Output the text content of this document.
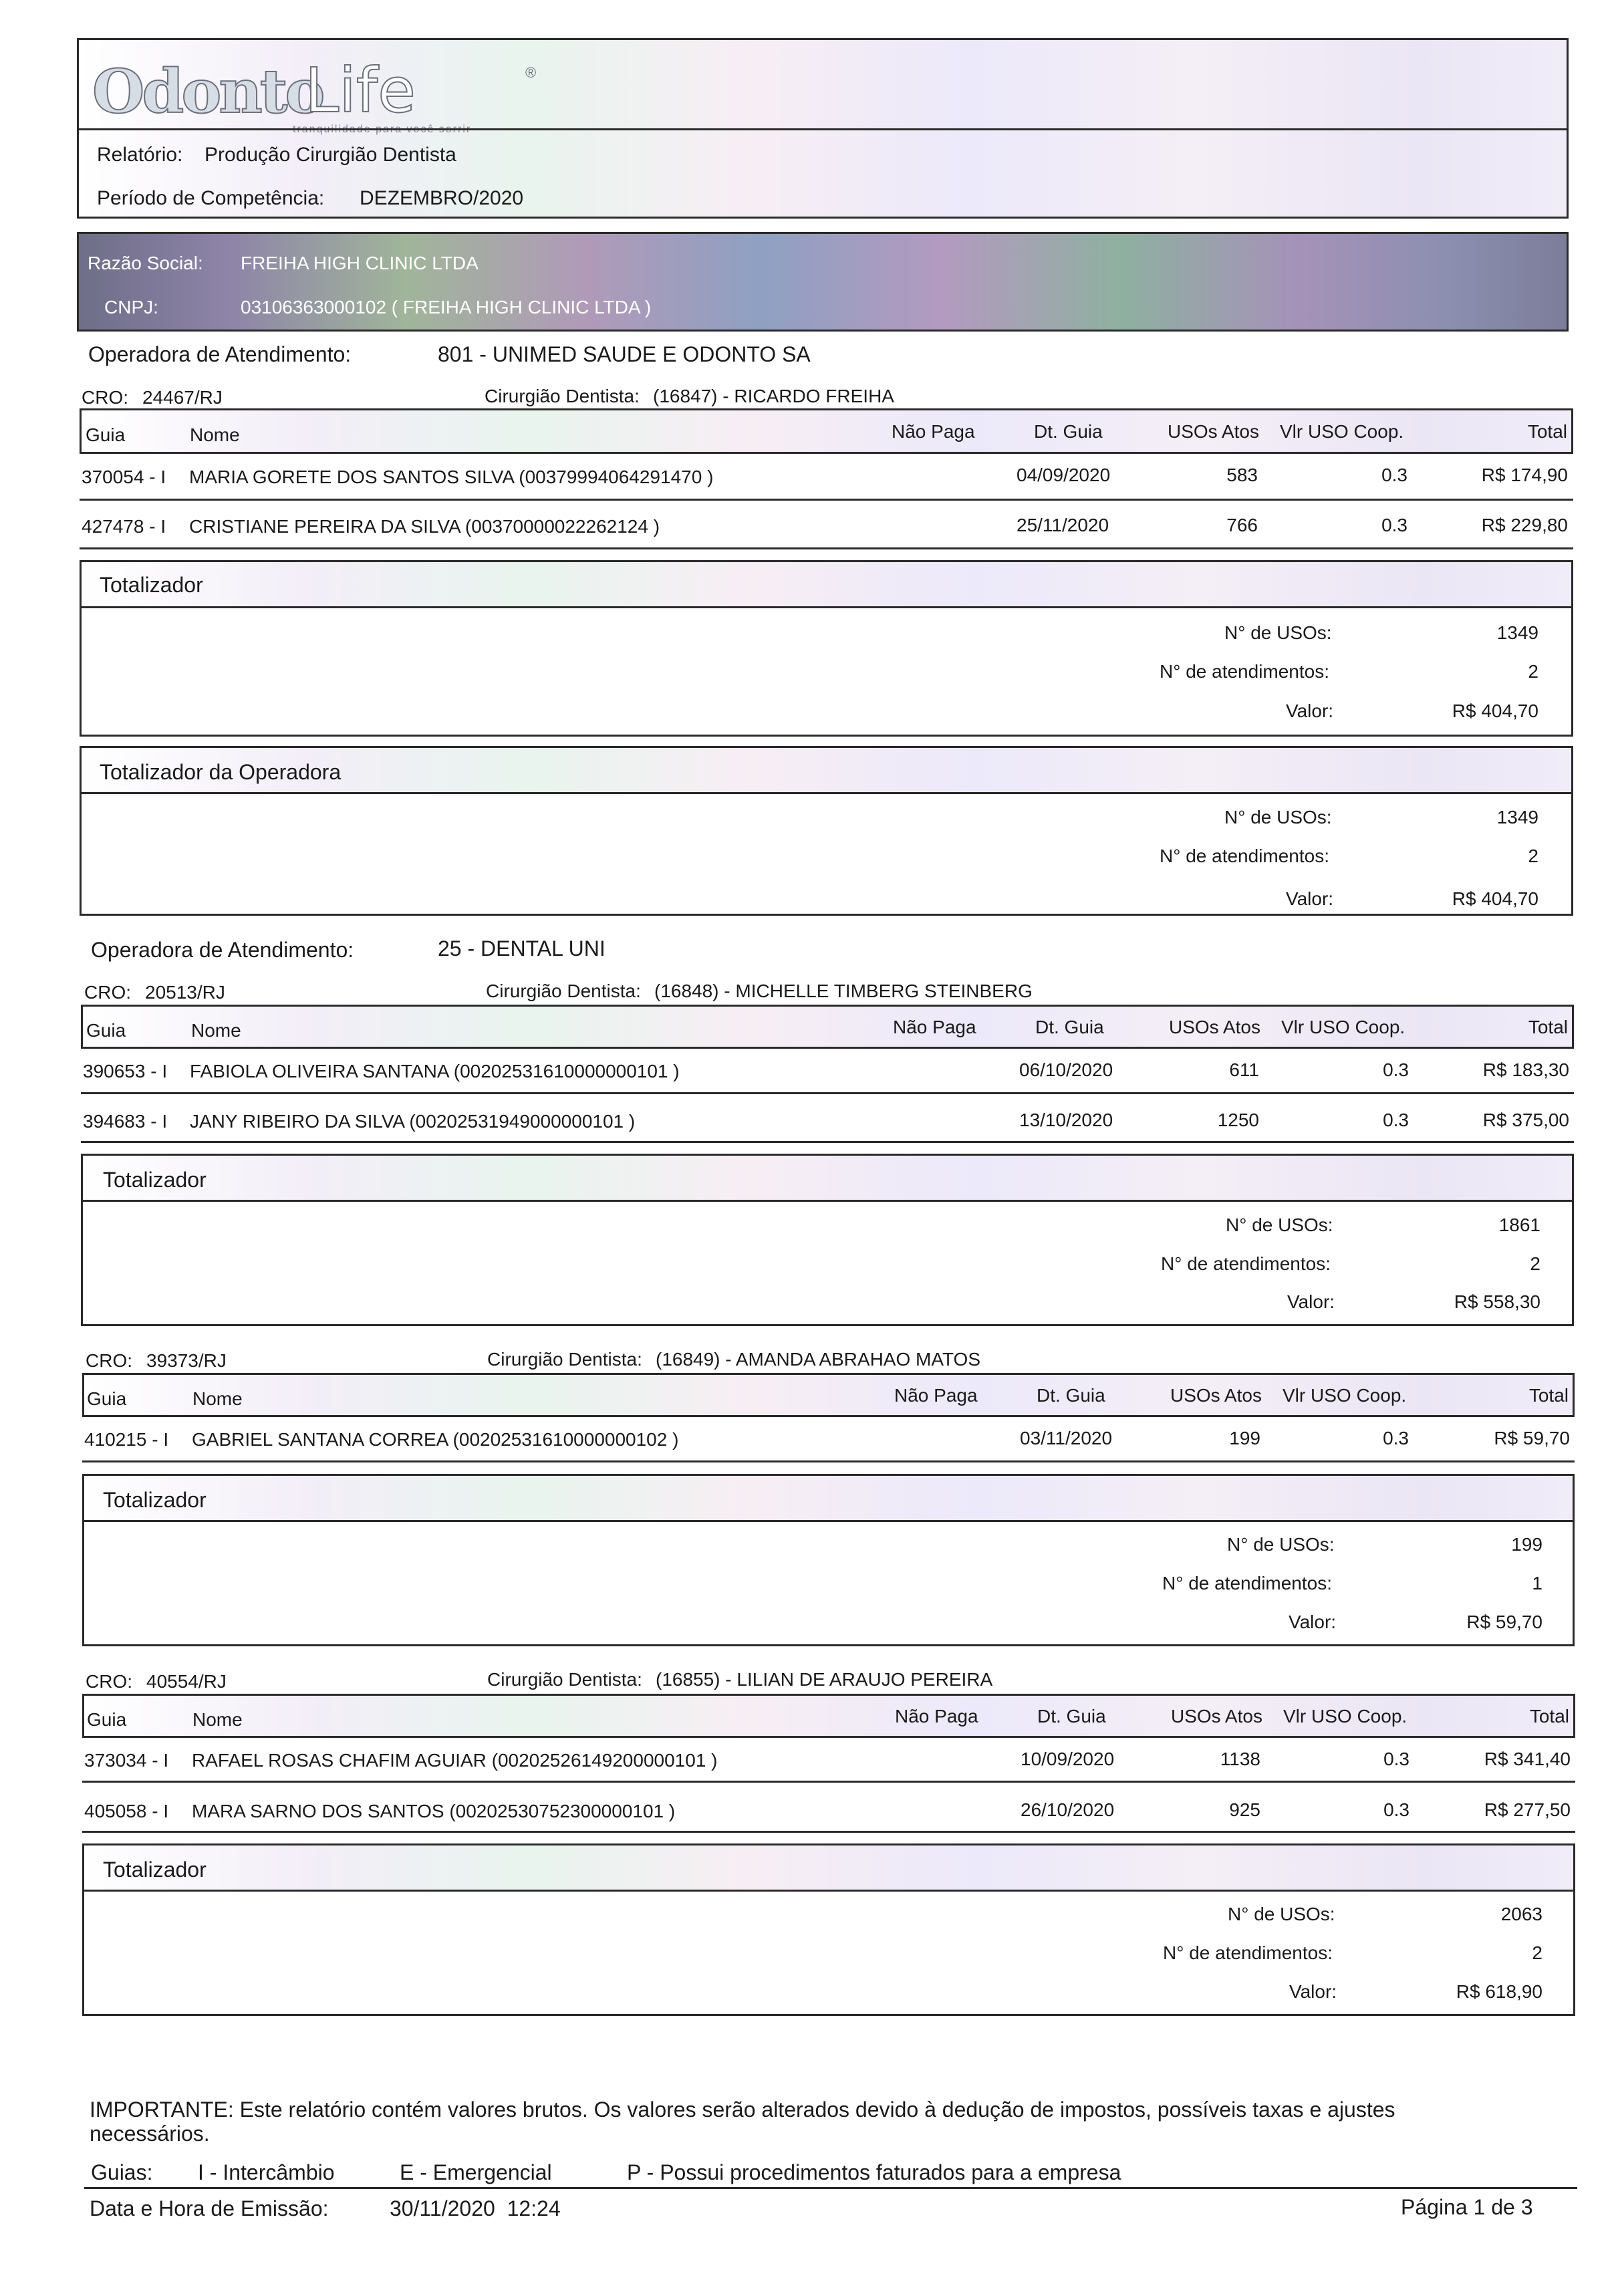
Odonto
Life	®
Relatório: Produção Cirurgião Dentista
Período de Competência: DEZEMBRO/2020
Razão Social: FREIHA HIGH CLINIC LTDA
CNPJ:	03106363000102 ( FREIHA HIGH CLINIC LTDA )
Operadora de Atendimento:	801 - UNIMED SAUDE E ODONTO SA
CRO: 24467/RJ	Cirurgião Dentista: (16847) - RICARDO FREIHA
Guia	Nome	Não Paga	Dt. Guia	USOs Atos Vlr USO Coop.	Total
370054 - I MARIA GORETE DOS SANTOS SILVA (00379994064291470 )	04/09/2020	583	0.3	R$ 174,90
427478 - I CRISTIANE PEREIRA DA SILVA (00370000022262124 )	25/11/2020	766	0.3	R$ 229,80
Totalizador
N° de USOs:	1349
N° de atendimentos:	2
Valor:	R$ 404,70
Totalizador da Operadora
N° de USOs:	1349
N° de atendimentos:	2
Valor:	R$ 404,70
Operadora de Atendimento:	25 - DENTAL UNI
CRO: 20513/RJ	Cirurgião Dentista: (16848) - MICHELLE TIMBERG STEINBERG
Guia	Nome	Não Paga	Dt. Guia	USOs Atos Vlr USO Coop.	Total
390653 - I FABIOLA OLIVEIRA SANTANA (00202531610000000101 )	06/10/2020	611	0.3	R$ 183,30
394683 - I JANY RIBEIRO DA SILVA (00202531949000000101 )	13/10/2020	1250	0.3	R$ 375,00
Totalizador
N° de USOs:	1861
N° de atendimentos:	2
Valor:	R$ 558,30
CRO: 39373/RJ	Cirurgião Dentista: (16849) - AMANDA ABRAHAO MATOS
Guia	Nome	Não Paga	Dt. Guia	USOs Atos Vlr USO Coop.	Total
410215 - I GABRIEL SANTANA CORREA (00202531610000000102 )	03/11/2020	199	0.3	R$ 59,70
Totalizador
N° de USOs:	199
N° de atendimentos:	1
Valor:	R$ 59,70
CRO: 40554/RJ	Cirurgião Dentista: (16855) - LILIAN DE ARAUJO PEREIRA
Guia	Nome	Não Paga	Dt. Guia	USOs Atos Vlr USO Coop.	Total
373034 - I RAFAEL ROSAS CHAFIM AGUIAR (00202526149200000101 )	10/09/2020	1138	0.3	R$ 341,40
405058 - I MARA SARNO DOS SANTOS (00202530752300000101 )	26/10/2020	925	0.3	R$ 277,50
Totalizador
N° de USOs:	2063
N° de atendimentos:	2
Valor:	R$ 618,90
IMPORTANTE: Este relatório contém valores brutos. Os valores serão alterados devido à dedução de impostos, possíveis taxas e ajustes necessários.
Guias: I - Intercâmbio	E - Emergencial	P - Possui procedimentos faturados para a empresa
Data e Hora de Emissão:	30/11/2020  12:24	Página 1 de 3
